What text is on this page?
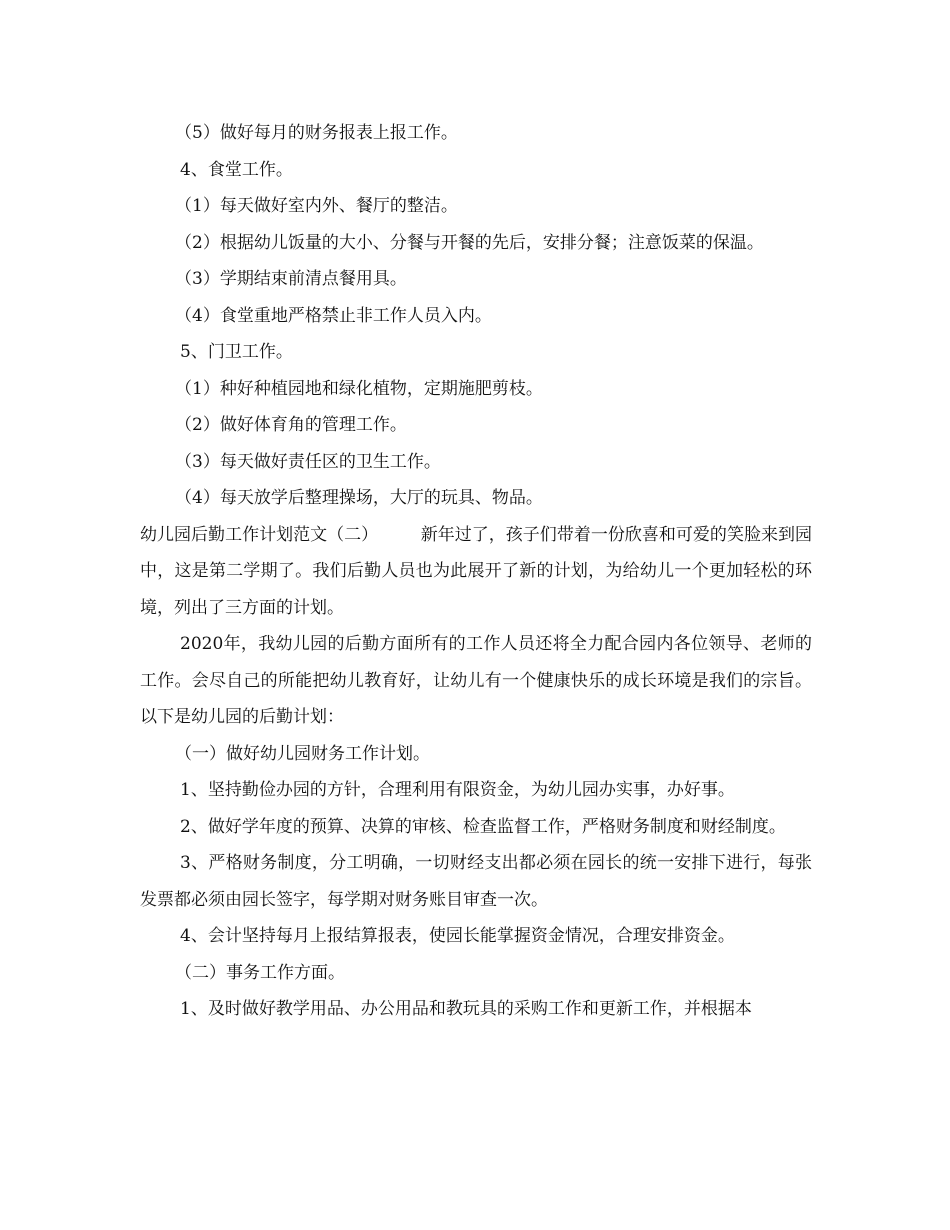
（5）做好每月的财务报表上报工作。

4、食堂工作。

（1）每天做好室内外、餐厅的整洁。

（2）根据幼儿饭量的大小、分餐与开餐的先后，安排分餐；注意饭菜的保温。

（3）学期结束前清点餐用具。

（4）食堂重地严格禁止非工作人员入内。

5、门卫工作。

（1）种好种植园地和绿化植物，定期施肥剪枝。

（2）做好体育角的管理工作。

（3）每天做好责任区的卫生工作。

（4）每天放学后整理操场，大厅的玩具、物品。

幼儿园后勤工作计划范文（二）　　　新年过了，孩子们带着一份欣喜和可爱的笑脸来到园中，这是第二学期了。我们后勤人员也为此展开了新的计划，为给幼儿一个更加轻松的环境，列出了三方面的计划。

2020年，我幼儿园的后勤方面所有的工作人员还将全力配合园内各位领导、老师的工作。会尽自己的所能把幼儿教育好，让幼儿有一个健康快乐的成长环境是我们的宗旨。以下是幼儿园的后勤计划：

（一）做好幼儿园财务工作计划。

1、坚持勤俭办园的方针，合理利用有限资金，为幼儿园办实事，办好事。

2、做好学年度的预算、决算的审核、检查监督工作，严格财务制度和财经制度。

3、严格财务制度，分工明确，一切财经支出都必须在园长的统一安排下进行，每张发票都必须由园长签字，每学期对财务账目审查一次。

4、会计坚持每月上报结算报表，使园长能掌握资金情况，合理安排资金。

（二）事务工作方面。

1、及时做好教学用品、办公用品和教玩具的采购工作和更新工作，并根据本
